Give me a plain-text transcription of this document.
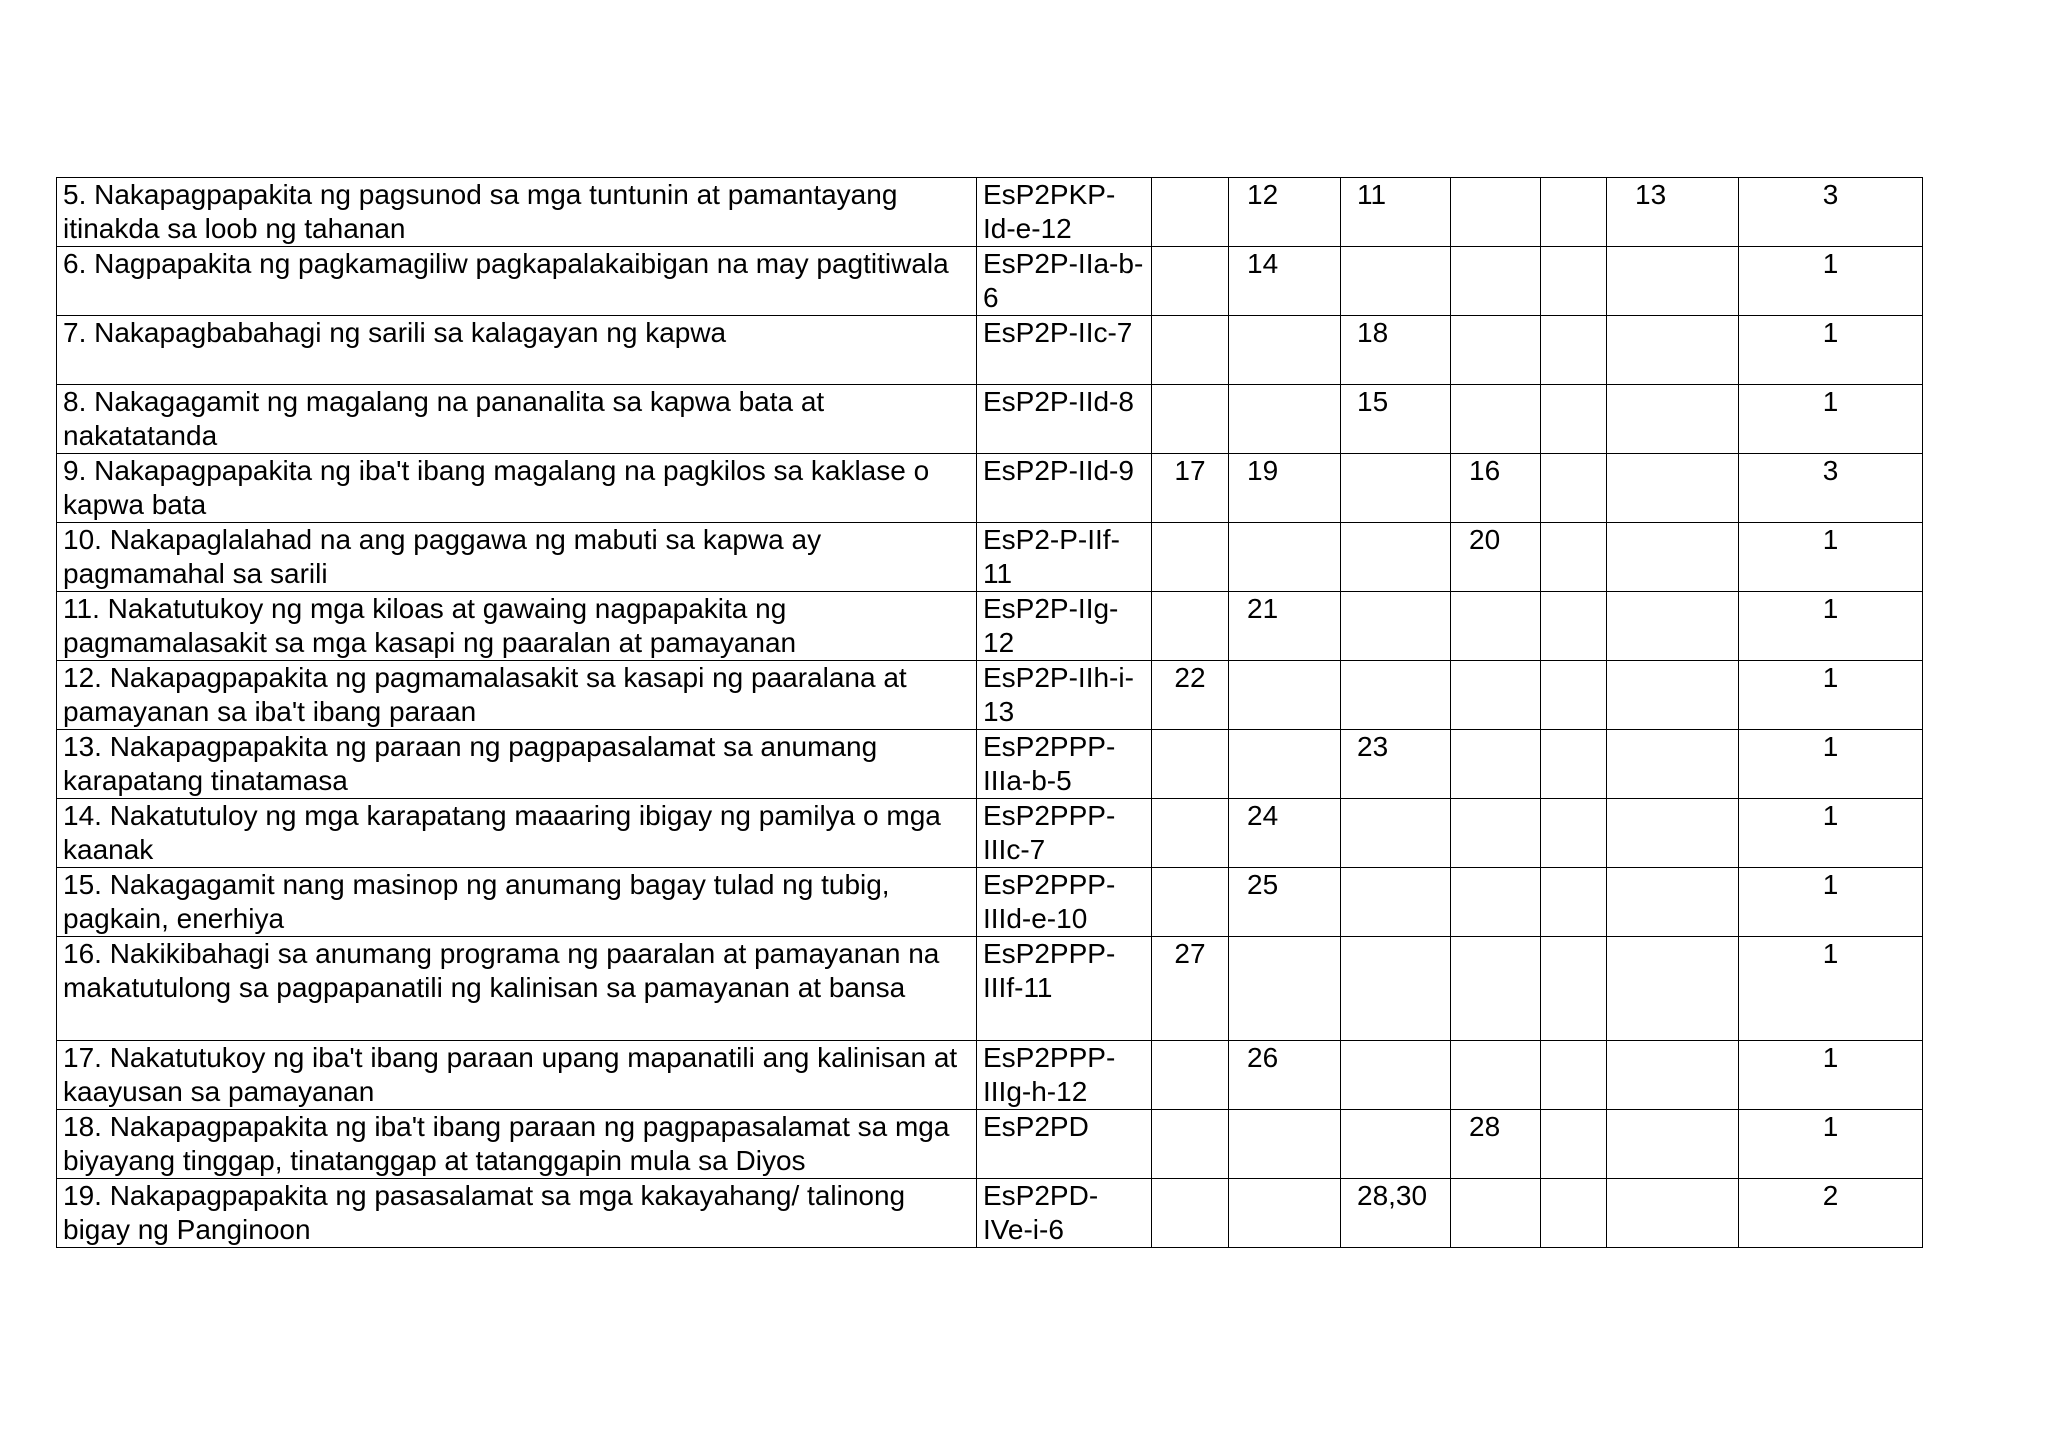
5. Nakapagpapakita ng pagsunod sa mga tuntunin at pamantayang itinakda sa loob ng tahanan	EsP2PKP-Id-e-12		12	11			13	3
6. Nagpapakita ng pagkamagiliw pagkapalakaibigan na may pagtitiwala	EsP2P-IIa-b-6		14					1
7. Nakapagbabahagi ng sarili sa kalagayan ng kapwa	EsP2P-IIc-7			18				1
8. Nakagagamit ng magalang na pananalita sa kapwa bata at nakatatanda	EsP2P-IId-8			15				1
9. Nakapagpapakita ng iba't ibang magalang na pagkilos sa kaklase o kapwa bata	EsP2P-IId-9	17	19		16			3
10. Nakapaglalahad na ang paggawa ng mabuti sa kapwa ay pagmamahal sa sarili	EsP2-P-IIf-11				20			1
11. Nakatutukoy ng mga kiloas at gawaing nagpapakita ng pagmamalasakit sa mga kasapi ng paaralan at pamayanan	EsP2P-IIg-12		21					1
12. Nakapagpapakita ng pagmamalasakit sa kasapi ng paaralana at pamayanan sa iba't ibang paraan	EsP2P-IIh-i-13	22						1
13. Nakapagpapakita ng paraan ng pagpapasalamat sa anumang karapatang tinatamasa	EsP2PPP-IIIa-b-5			23				1
14. Nakatutuloy ng mga karapatang maaaring ibigay ng pamilya o mga kaanak	EsP2PPP-IIIc-7		24					1
15. Nakagagamit nang masinop ng anumang bagay tulad ng tubig, pagkain, enerhiya	EsP2PPP-IIId-e-10		25					1
16. Nakikibahagi sa anumang programa ng paaralan at pamayanan na makatutulong sa pagpapanatili ng kalinisan sa pamayanan at bansa	EsP2PPP-IIIf-11	27						1
17. Nakatutukoy ng iba't ibang paraan upang mapanatili ang kalinisan at kaayusan sa pamayanan	EsP2PPP-IIIg-h-12		26					1
18. Nakapagpapakita ng iba't ibang paraan ng pagpapasalamat sa mga biyayang tinggap, tinatanggap at tatanggapin mula sa Diyos	EsP2PD				28			1
19. Nakapagpapakita ng pasasalamat sa mga kakayahang/ talinong bigay ng Panginoon	EsP2PD-IVe-i-6			28,30				2
